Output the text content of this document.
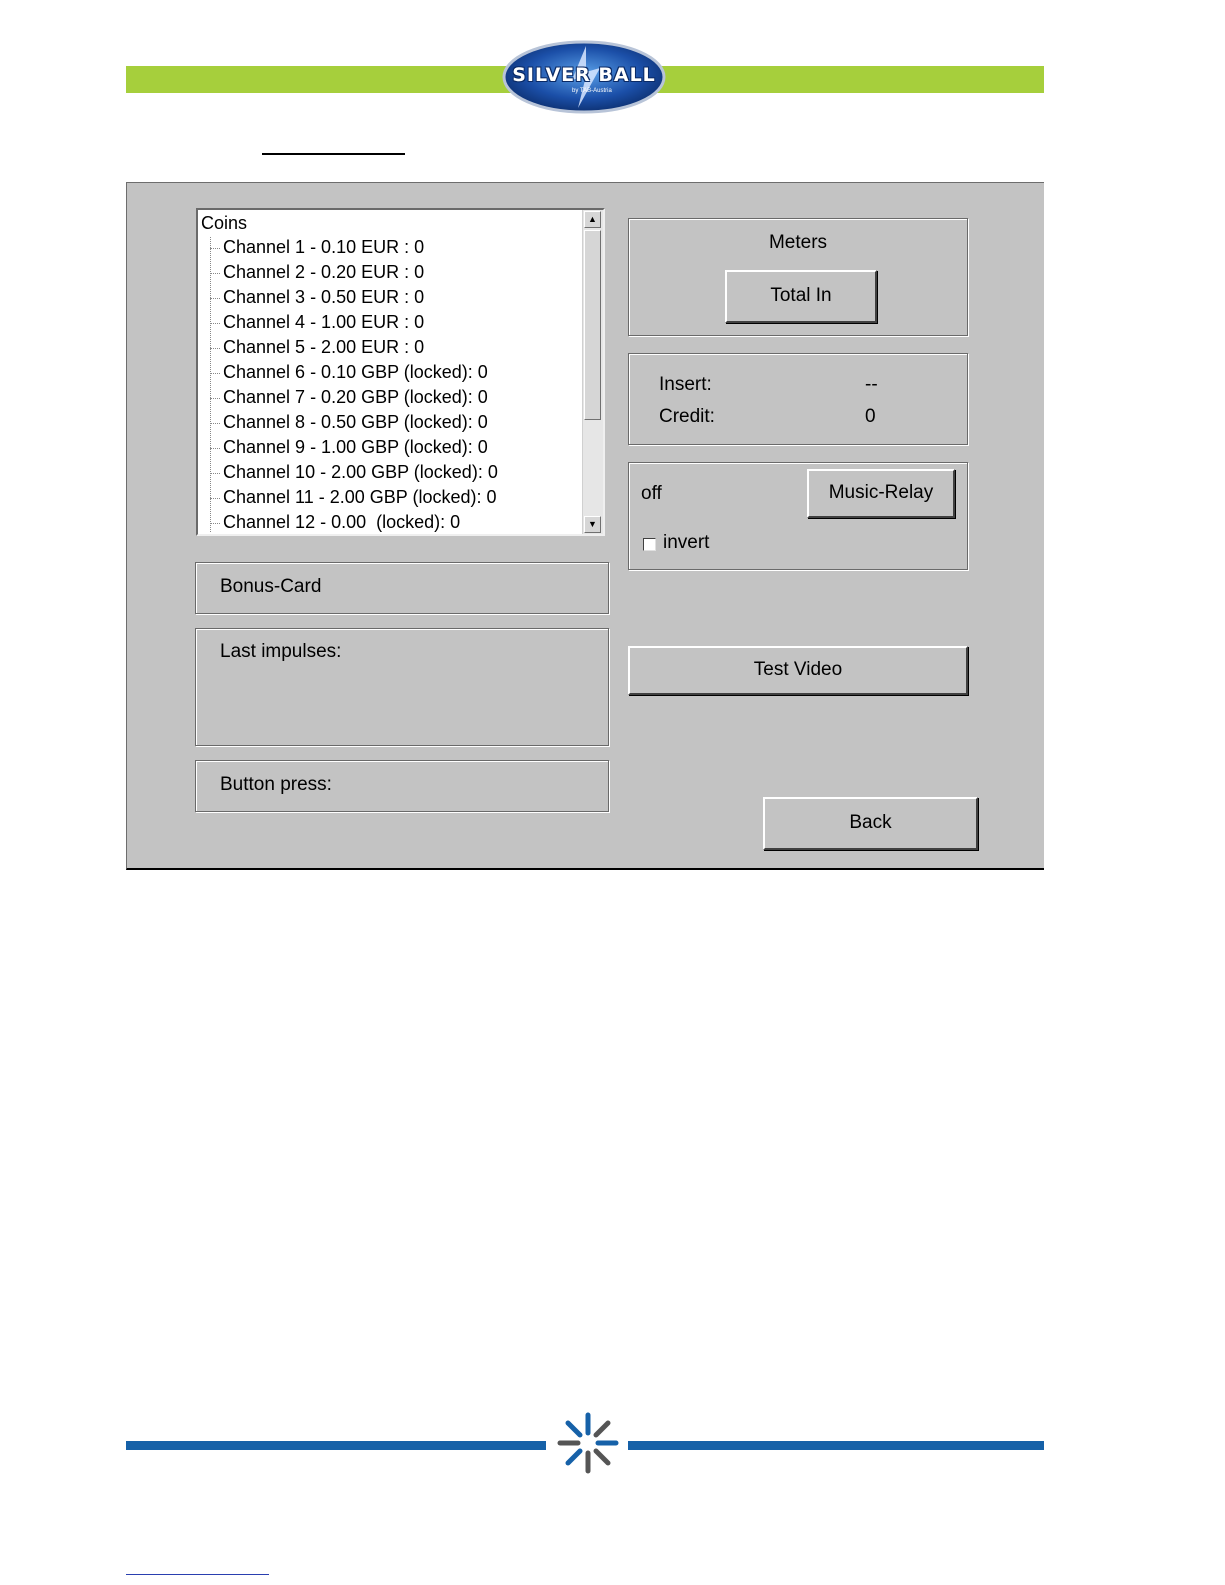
SILVER BALL
by TAB-Austria
Coins
Channel 1 - 0.10 EUR : 0
Channel 2 - 0.20 EUR : 0
Channel 3 - 0.50 EUR : 0
Channel 4 - 1.00 EUR : 0
Channel 5 - 2.00 EUR : 0
Channel 6 - 0.10 GBP (locked): 0
Channel 7 - 0.20 GBP (locked): 0
Channel 8 - 0.50 GBP (locked): 0
Channel 9 - 1.00 GBP (locked): 0
Channel 10 - 2.00 GBP (locked): 0
Channel 11 - 2.00 GBP (locked): 0
Channel 12 - 0.00  (locked): 0
▲
▼
Bonus-Card
Last impulses:
Button press:
Meters
Total In
Insert:	--
Credit:	0
off
invert
Music-Relay
Test Video
Back
